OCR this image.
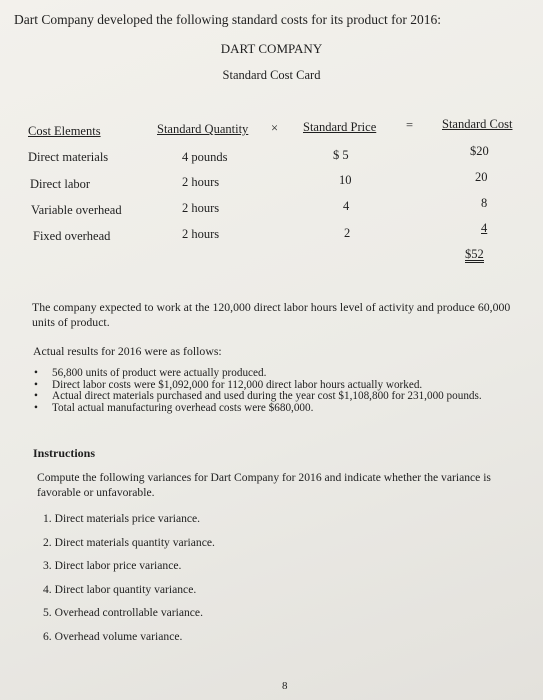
Dart Company developed the following standard costs for its product for 2016:
DART COMPANY
Standard Cost Card
Cost Elements	Standard Quantity × Standard Price = Standard Cost
Direct materials	4 pounds	$ 5	$20
Direct labor	2 hours	10	20
Variable overhead	2 hours	4	8
Fixed overhead	2 hours	2	4
$52
The company expected to work at the 120,000 direct labor hours level of activity and produce 60,000 units of product.
Actual results for 2016 were as follows:
• 56,800 units of product were actually produced.
• Direct labor costs were $1,092,000 for 112,000 direct labor hours actually worked.
• Actual direct materials purchased and used during the year cost $1,108,800 for 231,000 pounds.
• Total actual manufacturing overhead costs were $680,000.
Instructions
Compute the following variances for Dart Company for 2016 and indicate whether the variance is favorable or unfavorable.
1. Direct materials price variance.
2. Direct materials quantity variance.
3. Direct labor price variance.
4. Direct labor quantity variance.
5. Overhead controllable variance.
6. Overhead volume variance.
8
